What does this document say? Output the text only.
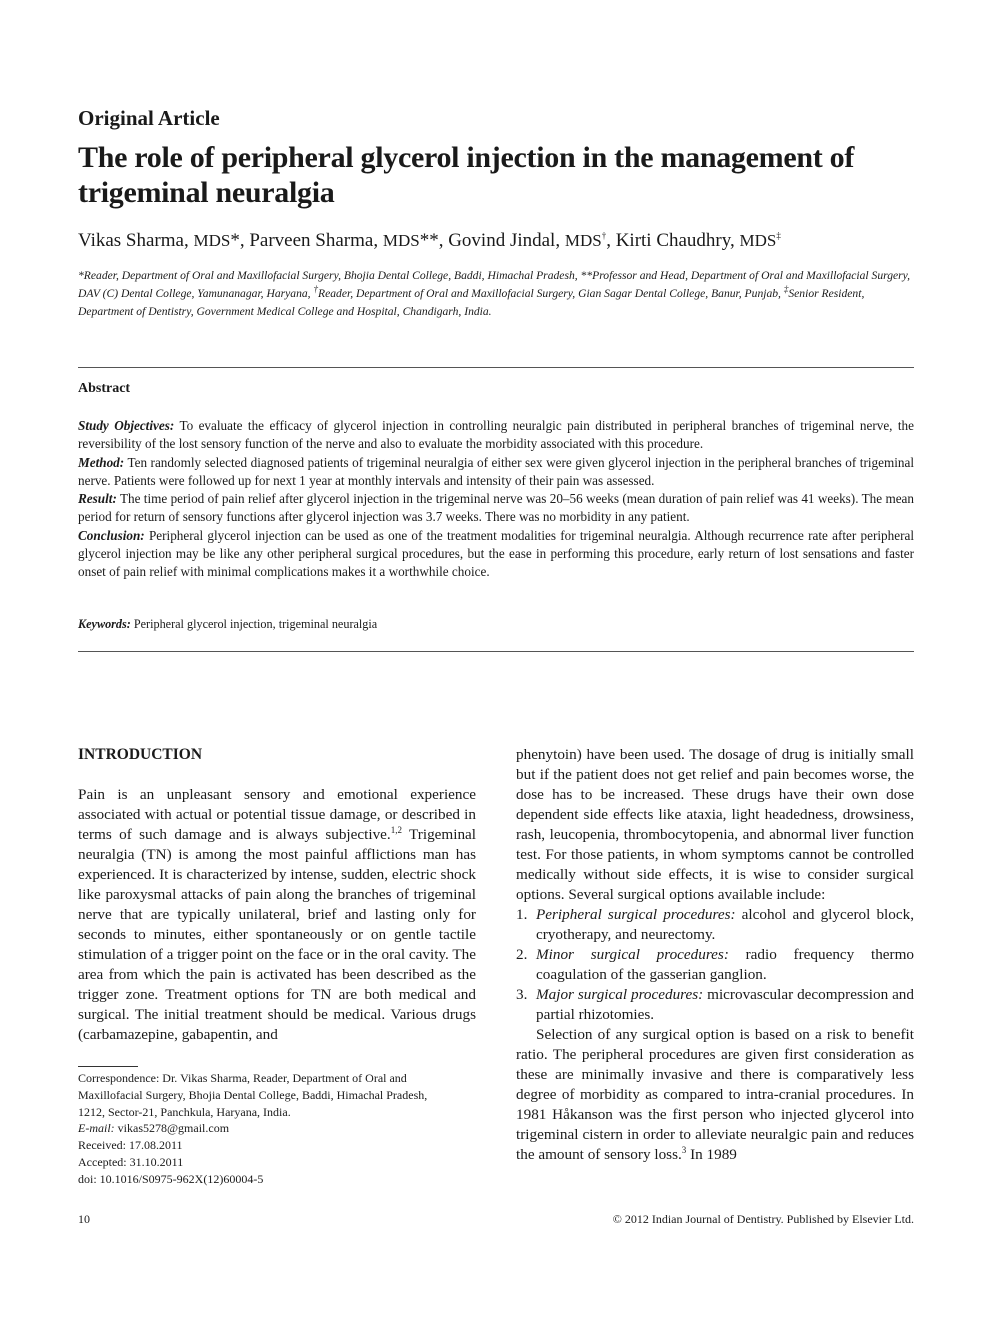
Original Article
The role of peripheral glycerol injection in the management of trigeminal neuralgia
Vikas Sharma, MDS*, Parveen Sharma, MDS**, Govind Jindal, MDS†, Kirti Chaudhry, MDS‡
*Reader, Department of Oral and Maxillofacial Surgery, Bhojia Dental College, Baddi, Himachal Pradesh, **Professor and Head, Department of Oral and Maxillofacial Surgery, DAV (C) Dental College, Yamunanagar, Haryana, †Reader, Department of Oral and Maxillofacial Surgery, Gian Sagar Dental College, Banur, Punjab, ‡Senior Resident, Department of Dentistry, Government Medical College and Hospital, Chandigarh, India.
Abstract

Study Objectives: To evaluate the efficacy of glycerol injection in controlling neuralgic pain distributed in peripheral branches of trigeminal nerve, the reversibility of the lost sensory function of the nerve and also to evaluate the morbidity associated with this procedure.

Method: Ten randomly selected diagnosed patients of trigeminal neuralgia of either sex were given glycerol injection in the peripheral branches of trigeminal nerve. Patients were followed up for next 1 year at monthly intervals and intensity of their pain was assessed.

Result: The time period of pain relief after glycerol injection in the trigeminal nerve was 20–56 weeks (mean duration of pain relief was 41 weeks). The mean period for return of sensory functions after glycerol injection was 3.7 weeks. There was no morbidity in any patient.

Conclusion: Peripheral glycerol injection can be used as one of the treatment modalities for trigeminal neuralgia. Although recurrence rate after peripheral glycerol injection may be like any other peripheral surgical procedures, but the ease in performing this procedure, early return of lost sensations and faster onset of pain relief with minimal complications makes it a worthwhile choice.

Keywords: Peripheral glycerol injection, trigeminal neuralgia
INTRODUCTION

Pain is an unpleasant sensory and emotional experience associated with actual or potential tissue damage, or described in terms of such damage and is always subjective.$^{1,2}$ Trigeminal neuralgia (TN) is among the most painful afflictions man has experienced. It is characterized by intense, sudden, electric shock like paroxysmal attacks of pain along the branches of trigeminal nerve that are typically unilateral, brief and lasting only for seconds to minutes, either spontaneously or on gentle tactile stimulation of a trigger point on the face or in the oral cavity. The area from which the pain is activated has been described as the trigger zone. Treatment options for TN are both medical and surgical. The initial treatment should be medical. Various drugs (carbamazepine, gabapentin, and

phenytoin) have been used. The dosage of drug is initially small but if the patient does not get relief and pain becomes worse, the dose has to be increased. These drugs have their own dose dependent side effects like ataxia, light headedness, drowsiness, rash, leucopenia, thrombocytopenia, and abnormal liver function test. For those patients, in whom symptoms cannot be controlled medically without side effects, it is wise to consider surgical options. Several surgical options available include:

1. Peripheral surgical procedures: alcohol and glycerol block, cryotherapy, and neurectomy.
2. Minor surgical procedures: radio frequency thermo coagulation of the gasserian ganglion.
3. Major surgical procedures: microvascular decompression and partial rhizotomies.

Selection of any surgical option is based on a risk to benefit ratio. The peripheral procedures are given first consideration as these are minimally invasive and there is comparatively less degree of morbidity as compared to intra-cranial procedures. In 1981 Håkanson was the first person who injected glycerol into trigeminal cistern in order to alleviate neuralgic pain and reduces the amount of sensory loss.$^3$ In 1989

Correspondence: Dr. Vikas Sharma, Reader, Department of Oral and
Maxillofacial Surgery, Bhojia Dental College, Baddi, Himachal Pradesh,
1212, Sector-21, Panchkula, Haryana, India.
E-mail: vikas5278@gmail.com
Received: 17.08.2011
Accepted: 31.10.2011
doi: 10.1016/S0975-962X(12)60004-5
10	© 2012 Indian Journal of Dentistry. Published by Elsevier Ltd.
